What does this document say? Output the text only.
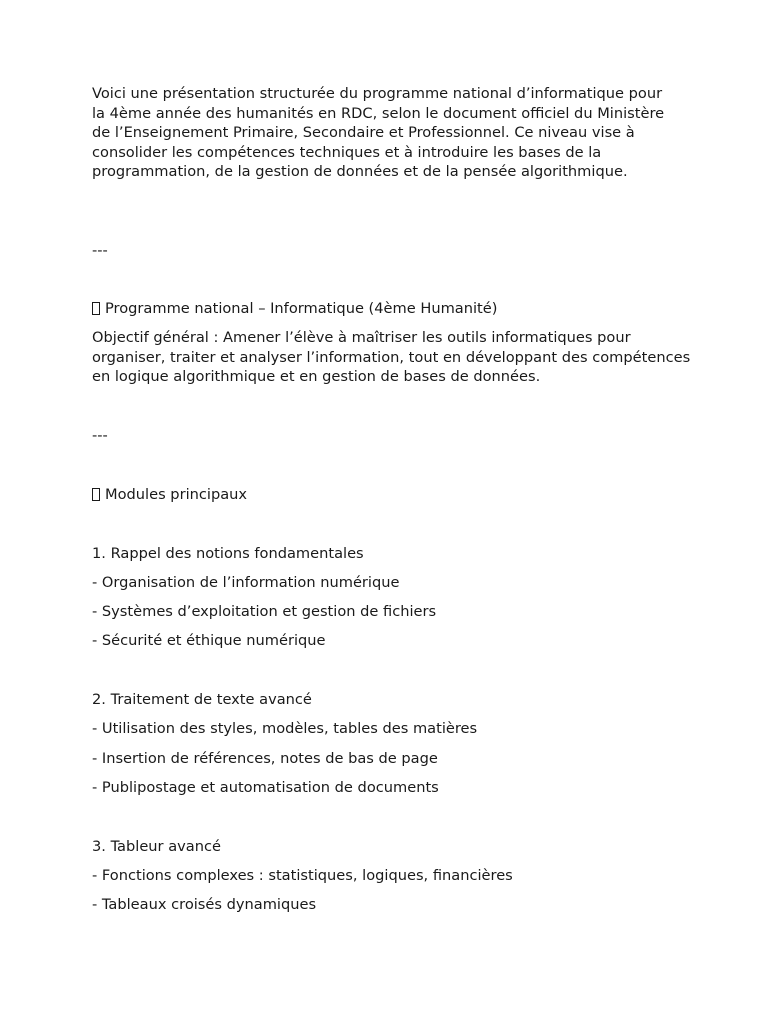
Voici une présentation structurée du programme national d’informatique pour la 4ème année des humanités en RDC, selon le document officiel du Ministère de l’Enseignement Primaire, Secondaire et Professionnel. Ce niveau vise à consolider les compétences techniques et à introduire les bases de la programmation, de la gestion de données et de la pensée algorithmique.
---
Programme national – Informatique (4ème Humanité)
Objectif général : Amener l’élève à maîtriser les outils informatiques pour organiser, traiter et analyser l’information, tout en développant des compétences en logique algorithmique et en gestion de bases de données.
---
Modules principaux
1. Rappel des notions fondamentales
- Organisation de l’information numérique
- Systèmes d’exploitation et gestion de fichiers
- Sécurité et éthique numérique
2. Traitement de texte avancé
- Utilisation des styles, modèles, tables des matières
- Insertion de références, notes de bas de page
- Publipostage et automatisation de documents
3. Tableur avancé
- Fonctions complexes : statistiques, logiques, financières
- Tableaux croisés dynamiques
